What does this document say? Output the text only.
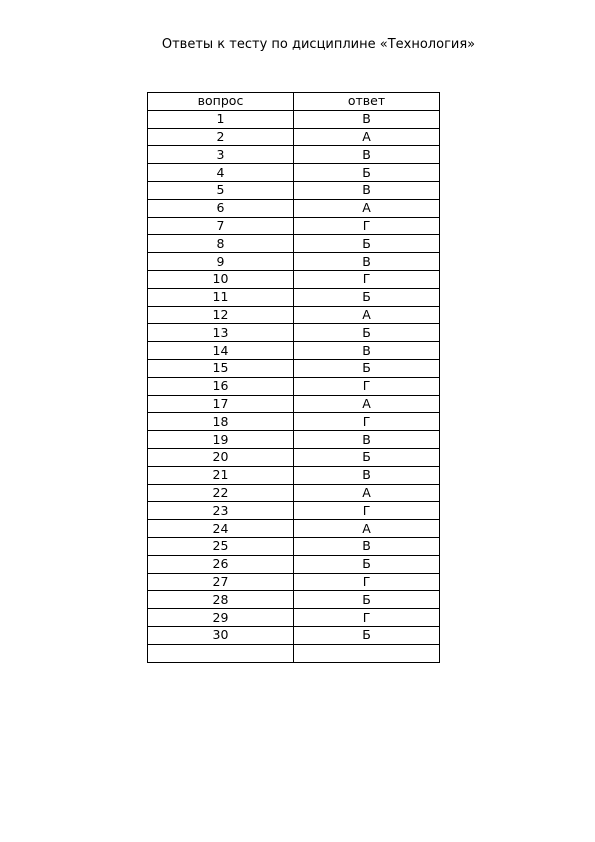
Ответы к тесту по дисциплине «Технология»
вопрос	ответ
1	В
2	А
3	В
4	Б
5	В
6	А
7	Г
8	Б
9	В
10	Г
11	Б
12	А
13	Б
14	В
15	Б
16	Г
17	А
18	Г
19	В
20	Б
21	В
22	А
23	Г
24	А
25	В
26	Б
27	Г
28	Б
29	Г
30	Б
